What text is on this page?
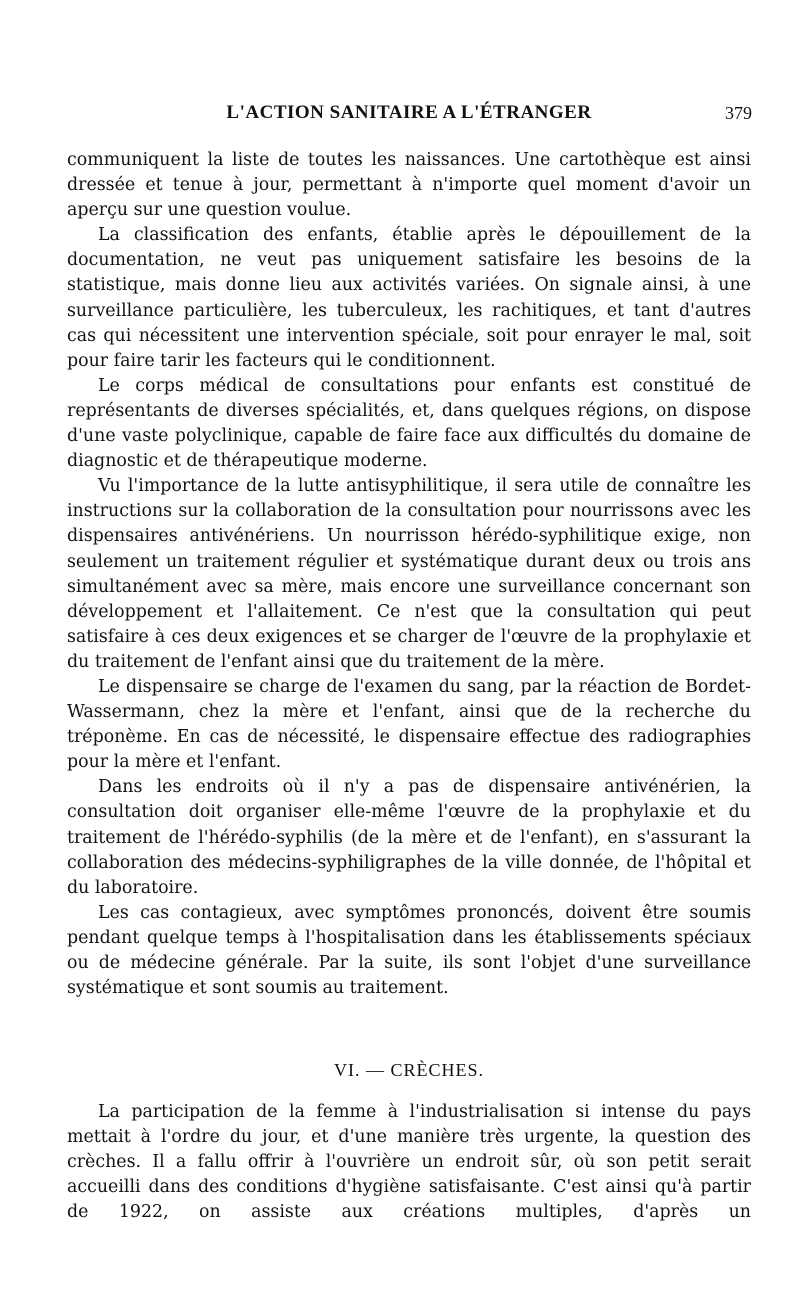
L'ACTION SANITAIRE A L'ÉTRANGER	379

communiquent la liste de toutes les naissances. Une cartothèque est ainsi dressée et tenue à jour, permettant à n'importe quel moment d'avoir un aperçu sur une question voulue.

La classification des enfants, établie après le dépouillement de la documentation, ne veut pas uniquement satisfaire les besoins de la statistique, mais donne lieu aux activités variées. On signale ainsi, à une surveillance particulière, les tuberculeux, les rachitiques, et tant d'autres cas qui nécessitent une intervention spéciale, soit pour enrayer le mal, soit pour faire tarir les facteurs qui le conditionnent.

Le corps médical de consultations pour enfants est constitué de représentants de diverses spécialités, et, dans quelques régions, on dispose d'une vaste polyclinique, capable de faire face aux difficultés du domaine de diagnostic et de thérapeutique moderne.

Vu l'importance de la lutte antisyphilitique, il sera utile de connaître les instructions sur la collaboration de la consultation pour nourrissons avec les dispensaires antivénériens. Un nourrisson hérédo-syphilitique exige, non seulement un traitement régulier et systématique durant deux ou trois ans simultanément avec sa mère, mais encore une surveillance concernant son développement et l'allaitement. Ce n'est que la consultation qui peut satisfaire à ces deux exigences et se charger de l'œuvre de la prophylaxie et du traitement de l'enfant ainsi que du traitement de la mère.

Le dispensaire se charge de l'examen du sang, par la réaction de Bordet-Wassermann, chez la mère et l'enfant, ainsi que de la recherche du tréponème. En cas de nécessité, le dispensaire effectue des radiographies pour la mère et l'enfant.

Dans les endroits où il n'y a pas de dispensaire antivénérien, la consultation doit organiser elle-même l'œuvre de la prophylaxie et du traitement de l'hérédo-syphilis (de la mère et de l'enfant), en s'assurant la collaboration des médecins-syphiligraphes de la ville donnée, de l'hôpital et du laboratoire.

Les cas contagieux, avec symptômes prononcés, doivent être soumis pendant quelque temps à l'hospitalisation dans les établissements spéciaux ou de médecine générale. Par la suite, ils sont l'objet d'une surveillance systématique et sont soumis au traitement.

VI. — CRÈCHES.

La participation de la femme à l'industrialisation si intense du pays mettait à l'ordre du jour, et d'une manière très urgente, la question des crèches. Il a fallu offrir à l'ouvrière un endroit sûr, où son petit serait accueilli dans des conditions d'hygiène satisfaisante. C'est ainsi qu'à partir de 1922, on assiste aux créations multiples, d'après un
